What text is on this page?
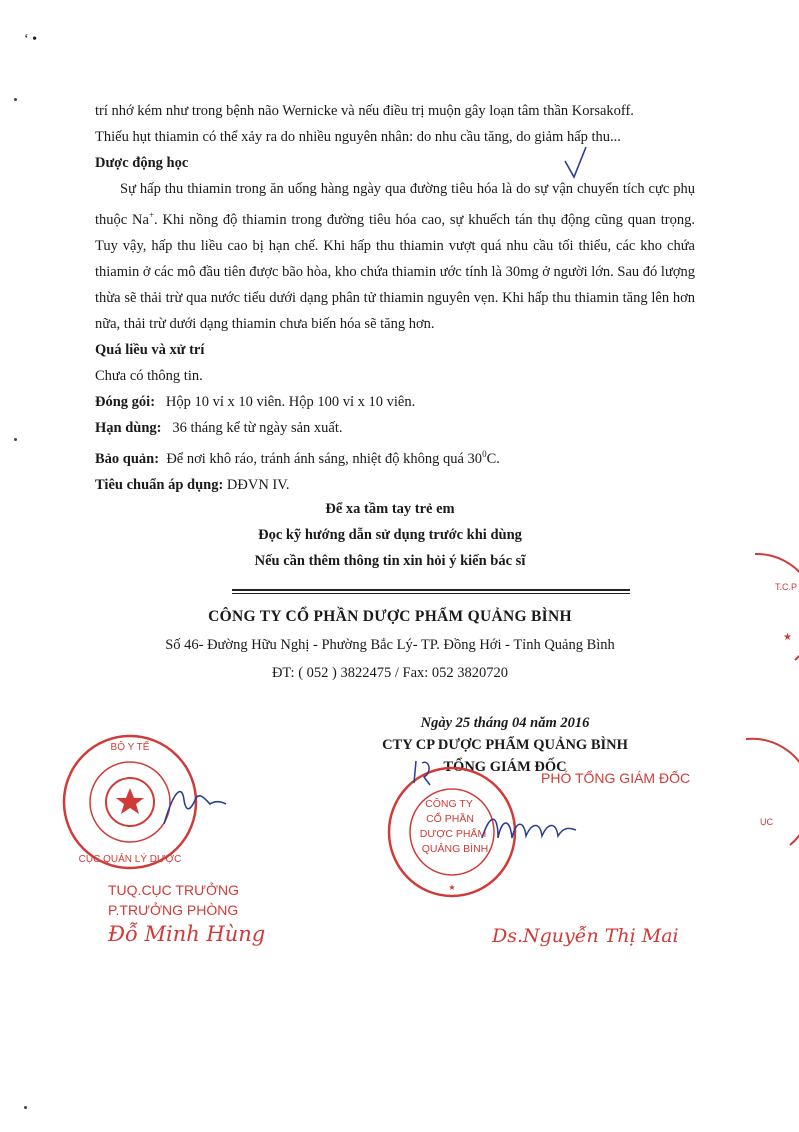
‘ •

trí nhớ kém như trong bệnh não Wernicke và nếu điều trị muộn gây loạn tâm thần Korsakoff.

Thiếu hụt thiamin có thể xảy ra do nhiều nguyên nhân: do nhu cầu tăng, do giảm hấp thu...

Dược động học

Sự hấp thu thiamin trong ăn uống hàng ngày qua đường tiêu hóa là do sự vận chuyển tích cực phụ thuộc Na+. Khi nồng độ thiamin trong đường tiêu hóa cao, sự khuếch tán thụ động cũng quan trọng. Tuy vậy, hấp thu liều cao bị hạn chế. Khi hấp thu thiamin vượt quá nhu cầu tối thiểu, các kho chứa thiamin ở các mô đầu tiên được bão hòa, kho chứa thiamin ước tính là 30mg ở người lớn. Sau đó lượng thừa sẽ thải trừ qua nước tiểu dưới dạng phân tử thiamin nguyên vẹn. Khi hấp thu thiamin tăng lên hơn nữa, thải trừ dưới dạng thiamin chưa biến hóa sẽ tăng hơn.

Quá liều và xử trí

Chưa có thông tin.

Đóng gói: Hộp 10 vỉ x 10 viên. Hộp 100 vỉ x 10 viên.

Hạn dùng: 36 tháng kể từ ngày sản xuất.

Bảo quản: Để nơi khô ráo, tránh ánh sáng, nhiệt độ không quá $30^0C$.

Tiêu chuẩn áp dụng: DĐVN IV.

Để xa tầm tay trẻ em
Đọc kỹ hướng dẫn sử dụng trước khi dùng
Nếu cần thêm thông tin xin hỏi ý kiến bác sĩ
CÔNG TY CỔ PHẦN DƯỢC PHẨM QUẢNG BÌNH
Số 46- Đường Hữu Nghị - Phường Bắc Lý- TP. Đồng Hới - Tỉnh Quảng Bình
ĐT: ( 052 ) 3822475 / Fax: 052 3820720
Ngày 25 tháng 04 năm 2016
CTY CP DƯỢC PHẨM QUẢNG BÌNH
TỔNG GIÁM ĐỐC
CÔNG TY
CỔ PHẦN
DƯỢC PHẨM
QUẢNG BÌNH
★
PHÓ TỔNG GIÁM ĐỐC
Ds.Nguyễn Thị Mai
BỘ Y TẾ
CỤC QUẢN LÝ DƯỢC
TUQ.CỤC TRƯỞNG
P.TRƯỞNG PHÒNG
Đỗ Minh Hùng
T.C.P
★
ỤC
